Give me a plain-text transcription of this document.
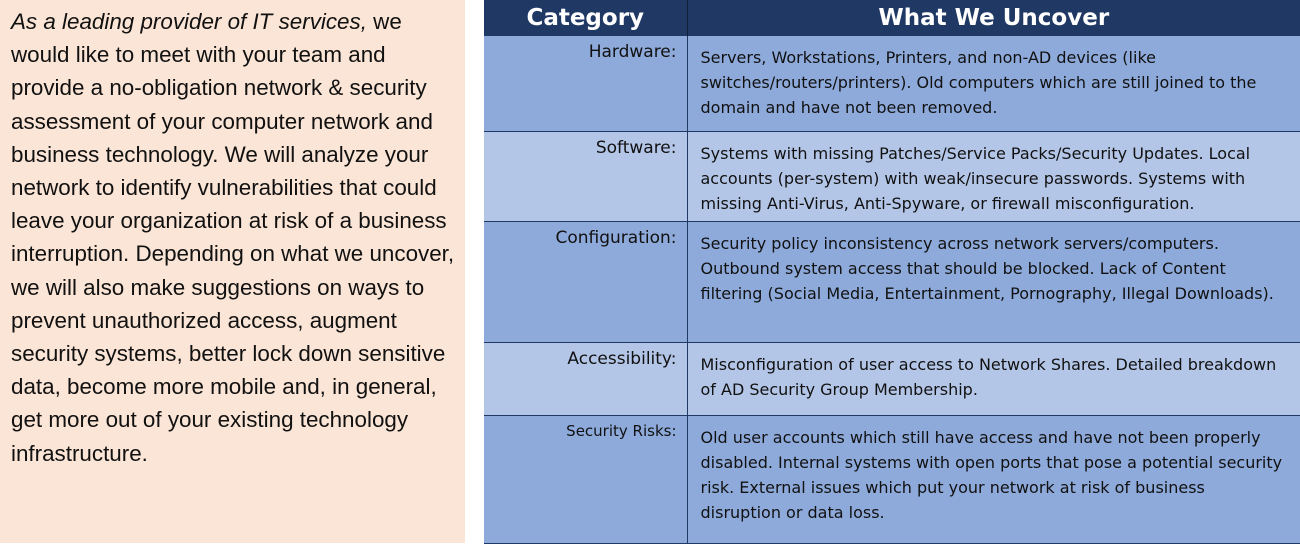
As a leading provider of IT services, we would like to meet with your team and provide a no-obligation network & security assessment of your computer network and business technology. We will analyze your network to identify vulnerabilities that could leave your organization at risk of a business interruption. Depending on what we uncover, we will also make suggestions on ways to prevent unauthorized access, augment security systems, better lock down sensitive data, become more mobile and, in general, get more out of your existing technology infrastructure.

Category	What We Uncover
Hardware:	Servers, Workstations, Printers, and non-AD devices (like switches/routers/printers). Old computers which are still joined to the domain and have not been removed.
Software:	Systems with missing Patches/Service Packs/Security Updates. Local accounts (per-system) with weak/insecure passwords. Systems with missing Anti-Virus, Anti-Spyware, or firewall misconfiguration.
Configuration:	Security policy inconsistency across network servers/computers. Outbound system access that should be blocked. Lack of Content filtering (Social Media, Entertainment, Pornography, Illegal Downloads).
Accessibility:	Misconfiguration of user access to Network Shares. Detailed breakdown of AD Security Group Membership.
Security Risks:	Old user accounts which still have access and have not been properly disabled. Internal systems with open ports that pose a potential security risk. External issues which put your network at risk of business disruption or data loss.
